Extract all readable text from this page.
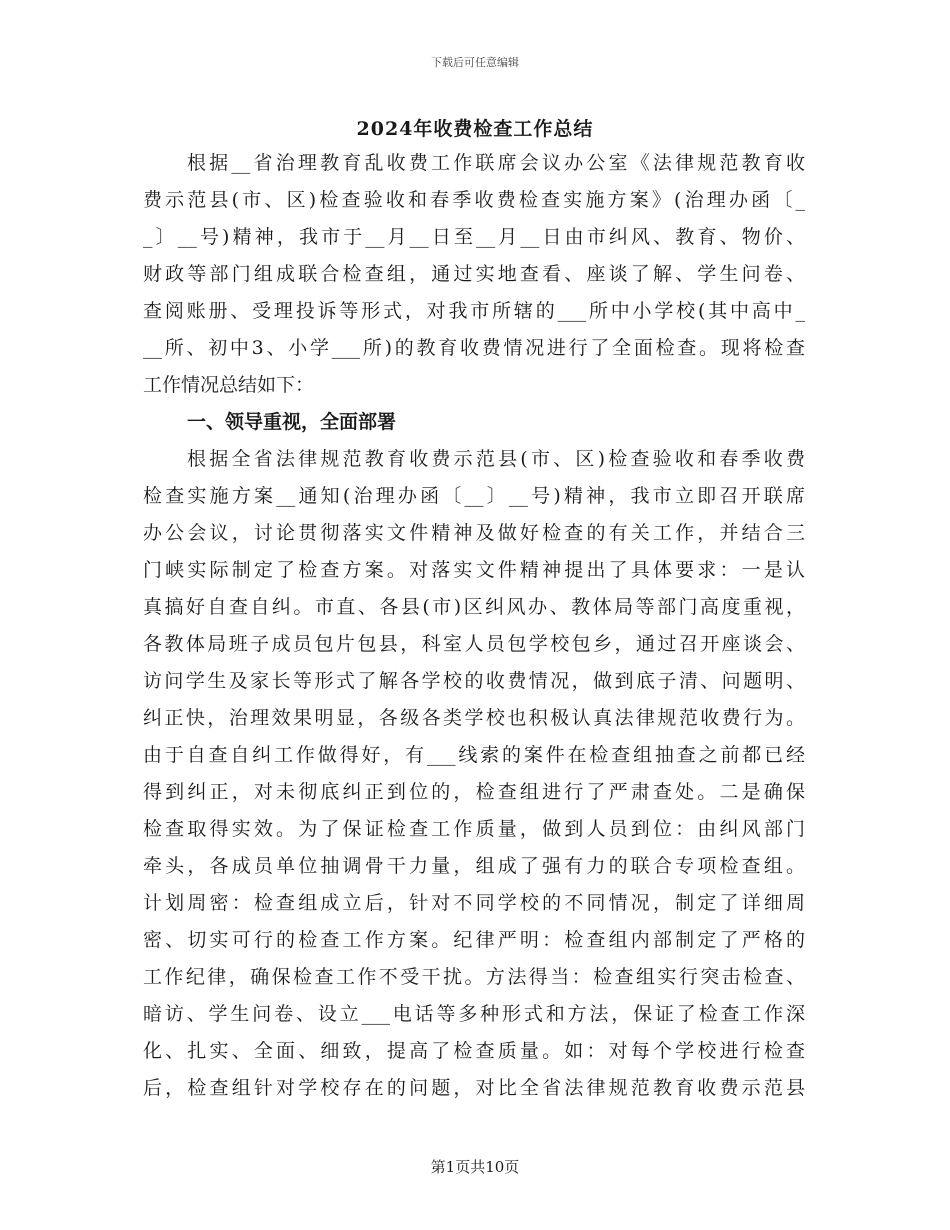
下载后可任意编辑
2024年收费检查工作总结
根据__省治理教育乱收费工作联席会议办公室《法律规范教育收
费示范县(市、区)检查验收和春季收费检查实施方案》(治理办函〔_
_〕__号)精神，我市于__月__日至__月__日由市纠风、教育、物价、
财政等部门组成联合检查组，通过实地查看、座谈了解、学生问卷、
查阅账册、受理投诉等形式，对我市所辖的___所中小学校(其中高中_
__所、初中3、小学___所)的教育收费情况进行了全面检查。现将检查
工作情况总结如下：
一、领导重视，全面部署
根据全省法律规范教育收费示范县(市、区)检查验收和春季收费
检查实施方案__通知(治理办函〔__〕__号)精神，我市立即召开联席
办公会议，讨论贯彻落实文件精神及做好检查的有关工作，并结合三
门峡实际制定了检查方案。对落实文件精神提出了具体要求：一是认
真搞好自查自纠。市直、各县(市)区纠风办、教体局等部门高度重视，
各教体局班子成员包片包县，科室人员包学校包乡，通过召开座谈会、
访问学生及家长等形式了解各学校的收费情况，做到底子清、问题明、
纠正快，治理效果明显，各级各类学校也积极认真法律规范收费行为。
由于自查自纠工作做得好，有___线索的案件在检查组抽查之前都已经
得到纠正，对未彻底纠正到位的，检查组进行了严肃查处。二是确保
检查取得实效。为了保证检查工作质量，做到人员到位：由纠风部门
牵头，各成员单位抽调骨干力量，组成了强有力的联合专项检查组。
计划周密：检查组成立后，针对不同学校的不同情况，制定了详细周
密、切实可行的检查工作方案。纪律严明：检查组内部制定了严格的
工作纪律，确保检查工作不受干扰。方法得当：检查组实行突击检查、
暗访、学生问卷、设立___电话等多种形式和方法，保证了检查工作深
化、扎实、全面、细致，提高了检查质量。如：对每个学校进行检查
后，检查组针对学校存在的问题，对比全省法律规范教育收费示范县
第1页共10页
